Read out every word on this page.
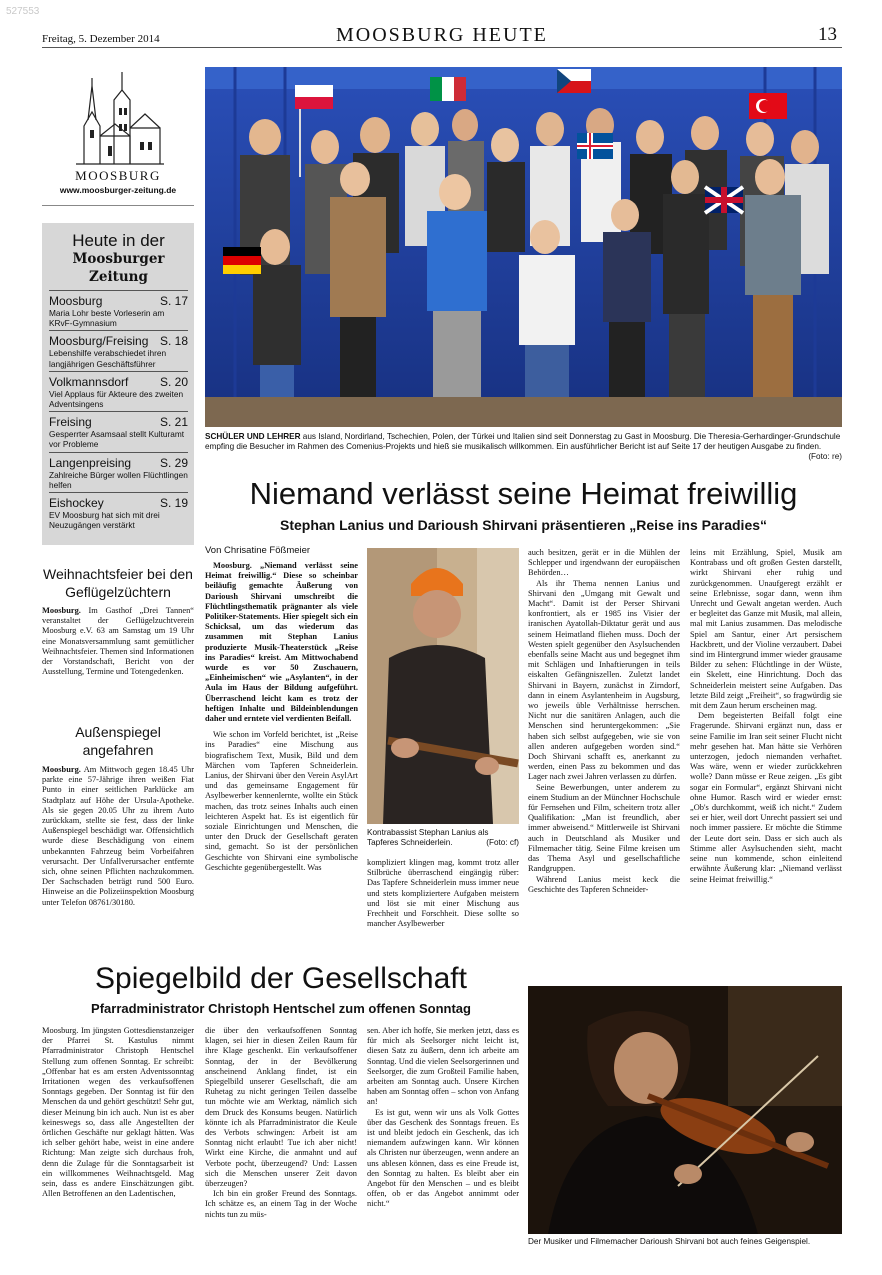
527553
Freitag, 5. Dezember 2014	MOOSBURG HEUTE	13
MOOSBURG
www.moosburger-zeitung.de
Heute in der
Moosburger Zeitung
Moosburg	S. 17
Maria Lohr beste Vorleserin am KRvF-Gymnasium
Moosburg/Freising S. 18
Lebenshilfe verabschiedet ihren langjährigen Geschäftsführer
Volkmannsdorf	S. 20
Viel Applaus für Akteure des zweiten Adventsingens
Freising	S. 21
Gesperrter Asamsaal stellt Kulturamt vor Probleme
Langenpreising S. 29
Zahlreiche Bürger wollen Flüchtlingen helfen
Eishockey	S. 19
EV Moosburg hat sich mit drei Neuzugängen verstärkt
Weihnachtsfeier bei den Geflügelzüchtern
Moosburg. Im Gasthof „Drei Tannen“ veranstaltet der Geflügelzuchtverein Moosburg e.V. 63 am Samstag um 19 Uhr eine Monatsversammlung samt gemütlicher Weihnachtsfeier. Themen sind Informationen der Vorstandschaft, Bericht von der Ausstellung, Termine und Totengedenken.
Außenspiegel angefahren
Moosburg. Am Mittwoch gegen 18.45 Uhr parkte eine 57-Jährige ihren weißen Fiat Punto in einer seitlichen Parklücke am Stadtplatz auf Höhe der Ursula-Apotheke. Als sie gegen 20.05 Uhr zu ihrem Auto zurückkam, stellte sie fest, dass der linke Außenspiegel beschädigt war. Offensichtlich wurde diese Beschädigung von einem unbekannten Fahrzeug beim Vorbeifahren verursacht. Der Unfallverursacher entfernte sich, ohne seinen Pflichten nachzukommen. Der Sachschaden beträgt rund 500 Euro. Hinweise an die Polizeiinspektion Moosburg unter Telefon 08761/30180.
SCHÜLER UND LEHRER aus Island, Nordirland, Tschechien, Polen, der Türkei und Italien sind seit Donnerstag zu Gast in Moosburg. Die Theresia-Gerhardinger-Grundschule empfing die Besucher im Rahmen des Comenius-Projekts und hieß sie musikalisch willkommen. Ein ausführlicher Bericht ist auf Seite 17 der heutigen Ausgabe zu finden.
(Foto: re)
Niemand verlässt seine Heimat freiwillig
Stephan Lanius und Darioush Shirvani präsentieren „Reise ins Paradies“
Von Chrisatine Fößmeier

Moosburg. „Niemand verlässt seine Heimat freiwillig.“ Diese so scheinbar beiläufig gemachte Äußerung von Darioush Shirvani umschreibt die Flüchtlingsthematik prägnanter als viele Politiker-Statements. Hier spiegelt sich ein Schicksal, um das wiederum das zusammen mit Stephan Lanius produzierte Musik-Theaterstück „Reise ins Paradies“ kreist. Am Mittwochabend wurde es vor 50 Zuschauern, „Einheimischen“ wie „Asylanten“, in der Aula im Haus der Bildung aufgeführt. Überraschend leicht kam es trotz der heftigen Inhalte und Bildeinblendungen daher und erntete viel verdienten Beifall.

Wie schon im Vorfeld berichtet, ist „Reise ins Paradies“ eine Mischung aus biografischem Text, Musik, Bild und dem Märchen vom Tapferen Schneiderlein. Lanius, der Shirvani über den Verein AsylArt und das gemeinsame Engagement für Asylbewerber kennenlernte, wollte ein Stück machen, das trotz seines Inhalts auch einen leichteren Aspekt hat. Es ist eigentlich für soziale Einrichtungen und Menschen, die unter den Druck der Gesellschaft geraten sind, gemacht. So ist der persönlichen Geschichte von Shirvani eine symbolische Geschichte gegenübergestellt. Was

Kontrabassist Stephan Lanius als Tapferes Schneiderlein.	(Foto: cf)

kompliziert klingen mag, kommt trotz aller Stilbrüche überraschend eingängig rüber: Das Tapfere Schneiderlein muss immer neue und stets kompliziertere Aufgaben meistern und löst sie mit einer Mischung aus Frechheit und Forschheit. Diese sollte so mancher Asylbewerber

auch besitzen, gerät er in die Mühlen der Schlepper und irgendwann der europäischen Behörden…

Als ihr Thema nennen Lanius und Shirvani den „Umgang mit Gewalt und Macht“. Damit ist der Perser Shirvani konfrontiert, als er 1985 ins Visier der iranischen Ayatollah-Diktatur gerät und aus seinem Heimatland fliehen muss. Doch der Westen spielt gegenüber den Asylsuchenden ebenfalls seine Macht aus und begegnet ihm mit Schlägen und Inhaftierungen in teils eiskalten Gefängniszellen. Zuletzt landet Shirvani in Bayern, zunächst in Zirndorf, dann in einem Asylantenheim in Augsburg, wo jeweils üble Verhältnisse herrschen. Nicht nur die sanitären Anlagen, auch die Menschen sind heruntergekommen: „Sie haben sich selbst aufgegeben, wie sie von allen anderen aufgegeben worden sind.“ Doch Shirvani schafft es, anerkannt zu werden, einen Pass zu bekommen und das Lager nach zwei Jahren verlassen zu dürfen.

Seine Bewerbungen, unter anderem zu einem Studium an der Münchner Hochschule für Fernsehen und Film, scheitern trotz aller Qualifikation: „Man ist freundlich, aber immer abweisend.“ Mittlerweile ist Shirvani auch in Deutschland als Musiker und Filmemacher tätig. Seine Filme kreisen um das Thema Asyl und gesellschaftliche Randgruppen.

Während Lanius meist keck die Geschichte des Tapferen Schneider-

leins mit Erzählung, Spiel, Musik am Kontrabass und oft großen Gesten darstellt, wirkt Shirvani eher ruhig und zurückgenommen. Unaufgeregt erzählt er seine Erlebnisse, sogar dann, wenn ihm Unrecht und Gewalt angetan werden. Auch er begleitet das Ganze mit Musik, mal allein, mal mit Lanius zusammen. Das melodische Spiel am Santur, einer Art persischem Hackbrett, und der Violine verzaubert. Dabei sind im Hintergrund immer wieder grausame Bilder zu sehen: Flüchtlinge in der Wüste, ein Skelett, eine Hinrichtung. Doch das Schneiderlein meistert seine Aufgaben. Das letzte Bild zeigt „Freiheit“, so fragwürdig sie mit dem Zaun herum erscheinen mag.

Dem begeisterten Beifall folgt eine Fragerunde. Shirvani ergänzt nun, dass er seine Familie im Iran seit seiner Flucht nicht mehr gesehen hat. Man hätte sie Verhören unterzogen, jedoch niemanden verhaftet. Was wäre, wenn er wieder zurückkehren wolle? Dann müsse er Reue zeigen. „Es gibt sogar ein Formular“, ergänzt Shirvani nicht ohne Humor. Rasch wird er wieder ernst: „Ob's durchkommt, weiß ich nicht.“ Zudem sei er hier, weil dort Unrecht passiert sei und noch immer passiere. Er möchte die Stimme der Leute dort sein. Dass er sich auch als Stimme aller Asylsuchenden sieht, macht seine nun kommende, schon einleitend erwähnte Äußerung klar: „Niemand verlässt seine Heimat freiwillig.“

Spiegelbild der Gesellschaft
Pfarradministrator Christoph Hentschel zum offenen Sonntag

Moosburg. Im jüngsten Gottesdienstanzeiger der Pfarrei St. Kastulus nimmt Pfarradministrator Christoph Hentschel Stellung zum offenen Sonntag. Er schreibt: „Offenbar hat es am ersten Adventssonntag Irritationen wegen des verkaufsoffenen Sonntags gegeben. Der Sonntag ist für den Menschen da und gehört geschützt! Sehr gut, dieser Meinung bin ich auch. Nun ist es aber keineswegs so, dass alle Angestellten der örtlichen Geschäfte nur geklagt hätten. Was ich selber gehört habe, weist in eine andere Richtung: Man zeigte sich durchaus froh, denn die Zulage für die Sonntagsarbeit ist ein willkommenes Weihnachtsgeld. Mag sein, dass es andere Einschätzungen gibt. Allen Betroffenen an den Ladentischen,

die über den verkaufsoffenen Sonntag klagen, sei hier in diesen Zeilen Raum für ihre Klage geschenkt. Ein verkaufsoffener Sonntag, der in der Bevölkerung anscheinend Anklang findet, ist ein Spiegelbild unserer Gesellschaft, die am Ruhetag zu nicht geringen Teilen dasselbe tun möchte wie am Werktag, nämlich sich dem Druck des Konsums beugen. Natürlich könnte ich als Pfarradministrator die Keule des Verbots schwingen: Arbeit ist am Sonntag nicht erlaubt! Tue ich aber nicht! Wirkt eine Kirche, die anmahnt und auf Verbote pocht, überzeugend? Und: Lassen sich die Menschen unserer Zeit davon überzeugen?

Ich bin ein großer Freund des Sonntags. Ich schätze es, an einem Tag in der Woche nichts tun zu müs-

sen. Aber ich hoffe, Sie merken jetzt, dass es für mich als Seelsorger nicht leicht ist, diesen Satz zu äußern, denn ich arbeite am Sonntag. Und die vielen Seelsorgerinnen und Seelsorger, die zum Großteil Familie haben, arbeiten am Sonntag auch. Unsere Kirchen haben am Sonntag offen – schon von Anfang an!

Es ist gut, wenn wir uns als Volk Gottes über das Geschenk des Sonntags freuen. Es ist und bleibt jedoch ein Geschenk, das ich niemandem aufzwingen kann. Wir können als Christen nur überzeugen, wenn andere an uns ablesen können, dass es eine Freude ist, den Sonntag zu halten. Es bleibt aber ein Angebot für den Menschen – und es bleibt offen, ob er das Angebot annimmt oder nicht.“

Der Musiker und Filmemacher Darioush Shirvani bot auch feines Geigenspiel.
